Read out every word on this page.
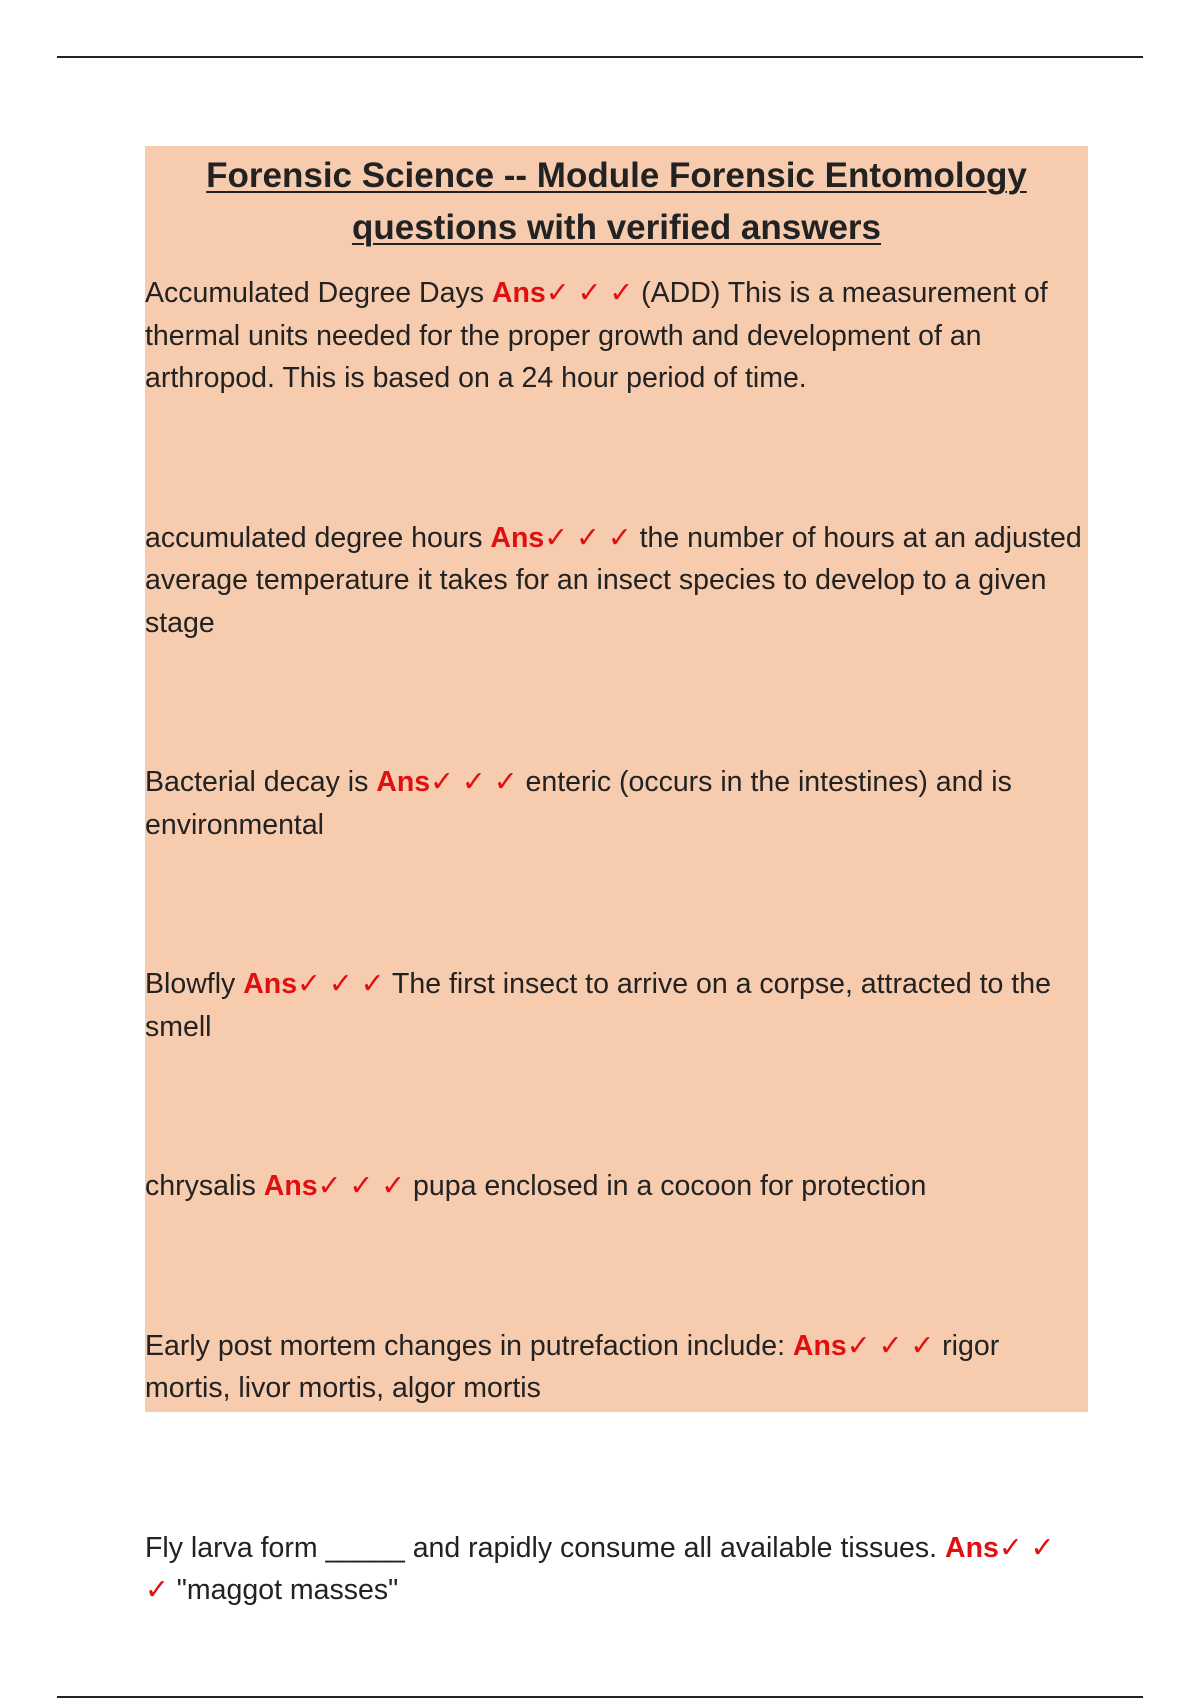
Forensic Science -- Module Forensic Entomology
questions with verified answers
Accumulated Degree Days Ans✓ ✓ ✓ (ADD) This is a measurement of thermal units needed for the proper growth and development of an arthropod. This is based on a 24 hour period of time.
accumulated degree hours Ans✓ ✓ ✓ the number of hours at an adjusted average temperature it takes for an insect species to develop to a given stage
Bacterial decay is Ans✓ ✓ ✓ enteric (occurs in the intestines) and is environmental
Blowfly Ans✓ ✓ ✓ The first insect to arrive on a corpse, attracted to the smell
chrysalis Ans✓ ✓ ✓ pupa enclosed in a cocoon for protection
Early post mortem changes in putrefaction include: Ans✓ ✓ ✓ rigor mortis, livor mortis, algor mortis
Fly larva form _____ and rapidly consume all available tissues. Ans✓ ✓ ✓ "maggot masses"
